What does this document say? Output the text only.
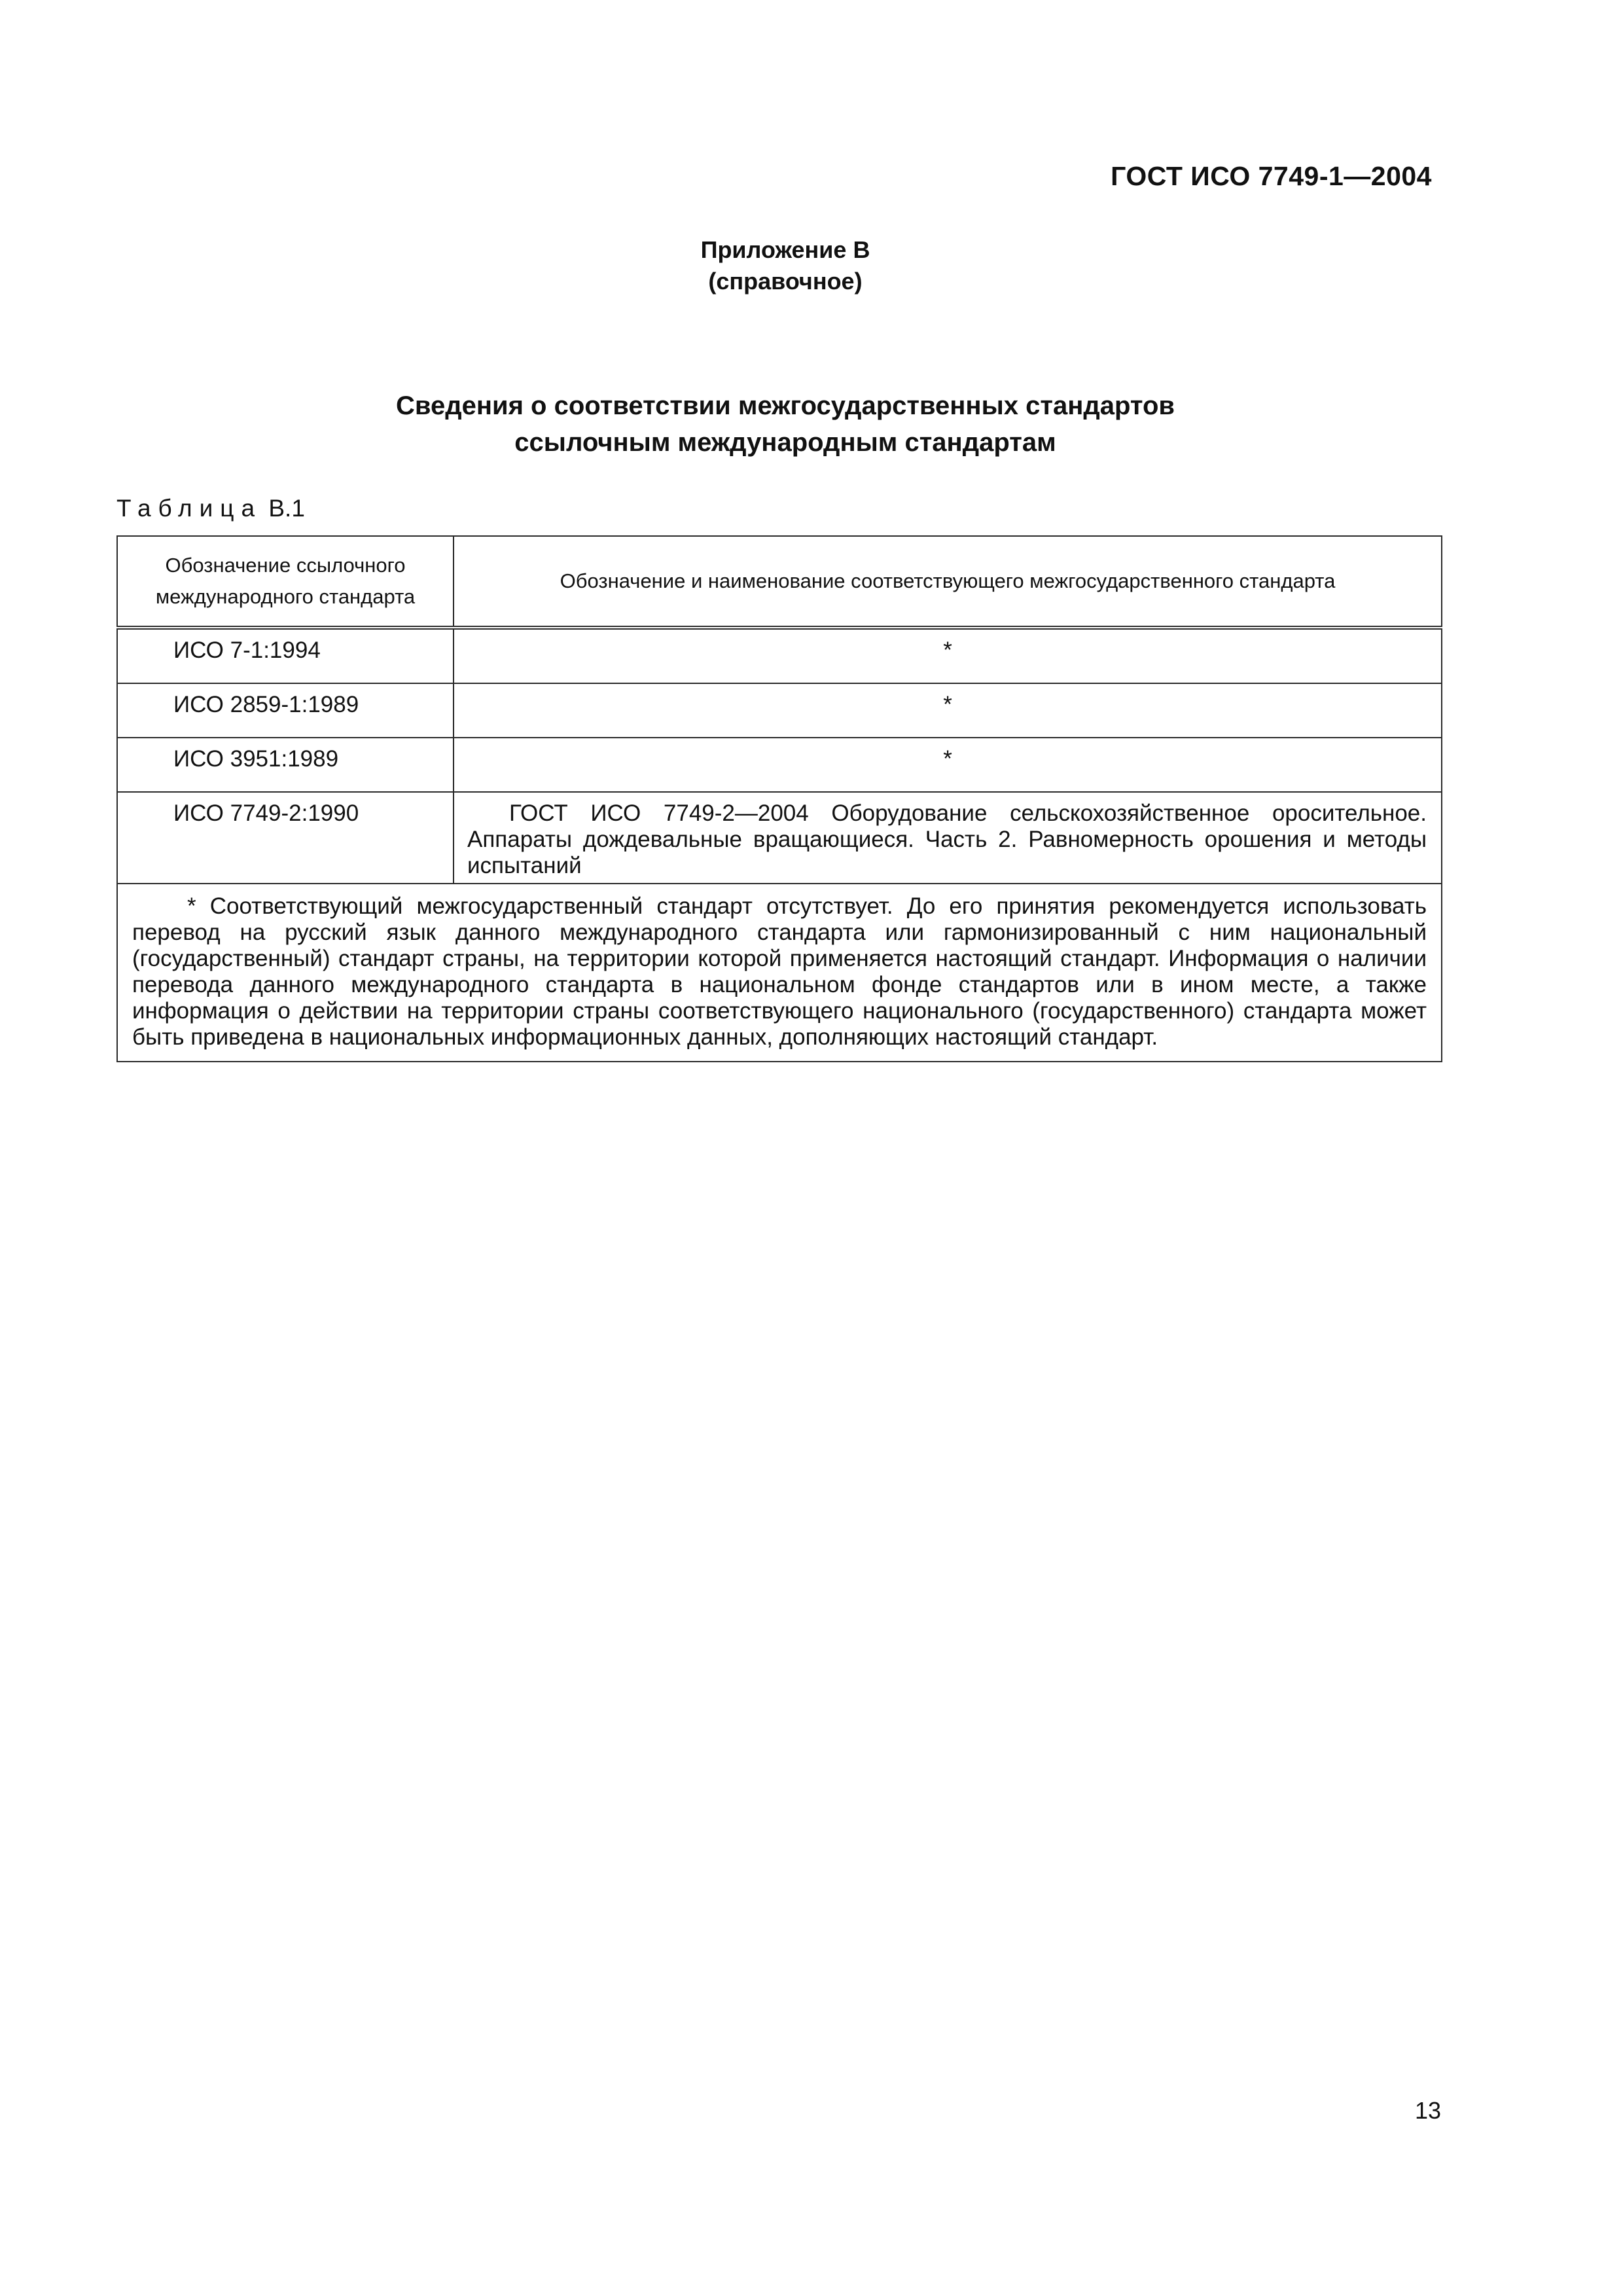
ГОСТ ИСО 7749-1—2004
Приложение В
(справочное)
Сведения о соответствии межгосударственных стандартов
ссылочным международным стандартам
Таблица В.1
Обозначение ссылочного международного стандарта	Обозначение и наименование соответствующего межгосударственного стандарта
ИСО 7-1:1994	*
ИСО 2859-1:1989	*
ИСО 3951:1989	*
ИСО 7749-2:1990	ГОСТ ИСО 7749-2—2004 Оборудование сельскохозяйственное оросительное. Аппараты дождевальные вращающиеся. Часть 2. Равномерность орошения и методы испытаний
* Соответствующий межгосударственный стандарт отсутствует. До его принятия рекомендуется использовать перевод на русский язык данного международного стандарта или гармонизированный с ним национальный (государственный) стандарт страны, на территории которой применяется настоящий стандарт. Информация о наличии перевода данного международного стандарта в национальном фонде стандартов или в ином месте, а также информация о действии на территории страны соответствующего национального (государственного) стандарта может быть приведена в национальных информационных данных, дополняющих настоящий стандарт.	
13
